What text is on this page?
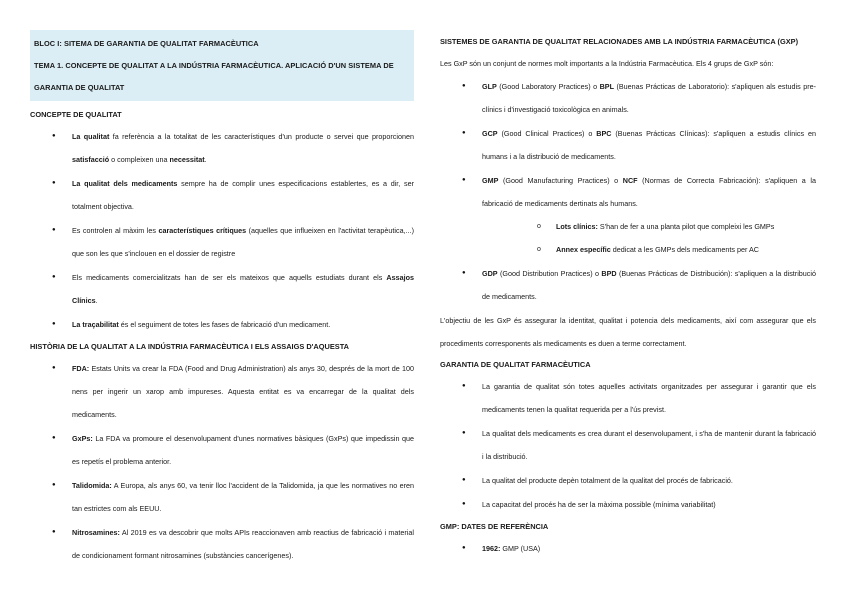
BLOC I: SITEMA DE GARANTIA DE QUALITAT FARMACÈUTICA
TEMA 1. CONCEPTE DE QUALITAT A LA INDÚSTRIA FARMACÈUTICA. APLICACIÓ D'UN SISTEMA DE
GARANTIA DE QUALITAT
CONCEPTE DE QUALITAT
● La qualitat fa referència a la totalitat de les característiques d'un producte o servei que proporcionen satisfacció o compleixen una necessitat.
● La qualitat dels medicaments sempre ha de complir unes especificacions establertes, es a dir, ser totalment objectiva.
● Es controlen al màxim les característiques crítiques (aquelles que influeixen en l'activitat terapèutica,...) que son les que s'inclouen en el dossier de registre
● Els medicaments comercialitzats han de ser els mateixos que aquells estudiats durant els Assajos Clínics.
● La traçabilitat és el seguiment de totes les fases de fabricació d'un medicament.
HISTÒRIA DE LA QUALITAT A LA INDÚSTRIA FARMACÈUTICA I ELS ASSAIGS D'AQUESTA
● FDA: Estats Units va crear la FDA (Food and Drug Administration) als anys 30, després de la mort de 100 nens per ingerir un xarop amb impureses. Aquesta entitat es va encarregar de la qualitat dels medicaments.
● GxPs: La FDA va promoure el desenvolupament d'unes normatives bàsiques (GxPs) que impedissin que es repetís el problema anterior.
● Talidomida: A Europa, als anys 60, va tenir lloc l'accident de la Talidomida, ja que les normatives no eren tan estrictes com als EEUU.
● Nitrosamines: Al 2019 es va descobrir que molts APIs reaccionaven amb reactius de fabricació i material de condicionament formant nitrosamines (substàncies cancerígenes).
SISTEMES DE GARANTIA DE QUALITAT RELACIONADES AMB LA INDÚSTRIA FARMACÈUTICA (GXP)

Les GxP són un conjunt de normes molt importants a la Indústria Farmacèutica. Els 4 grups de GxP són:

● GLP (Good Laboratory Practices) o BPL (Buenas Prácticas de Laboratorio): s'apliquen als estudis pre-clínics i d'investigació toxicològica en animals.
● GCP (Good Clinical Practices) o BPC (Buenas Prácticas Clínicas): s'apliquen a estudis clínics en humans i a la distribució de medicaments.
● GMP (Good Manufacturing Practices) o NCF (Normas de Correcta Fabricación): s'apliquen a la fabricació de medicaments dertinats als humans.
o Lots clínics: S'han de fer a una planta pilot que compleixi les GMPs
o Annex específic dedicat a les GMPs dels medicaments per AC
● GDP (Good Distribution Practices) o BPD (Buenas Prácticas de Distribución): s'apliquen a la distribució de medicaments.

L'objectiu de les GxP és assegurar la identitat, qualitat i potencia dels medicaments, així com assegurar que els procediments corresponents als medicaments es duen a terme correctament.

GARANTIA DE QUALITAT FARMACÈUTICA
● La garantia de qualitat són totes aquelles activitats organitzades per assegurar i garantir que els medicaments tenen la qualitat requerida per a l'ús previst.
● La qualitat dels medicaments es crea durant el desenvolupament, i s'ha de mantenir durant la fabricació i la distribució.
● La qualitat del producte depèn totalment de la qualitat del procés de fabricació.
● La capacitat del procés ha de ser la màxima possible (mínima variabilitat)
GMP: DATES DE REFERÈNCIA
● 1962: GMP (USA)
